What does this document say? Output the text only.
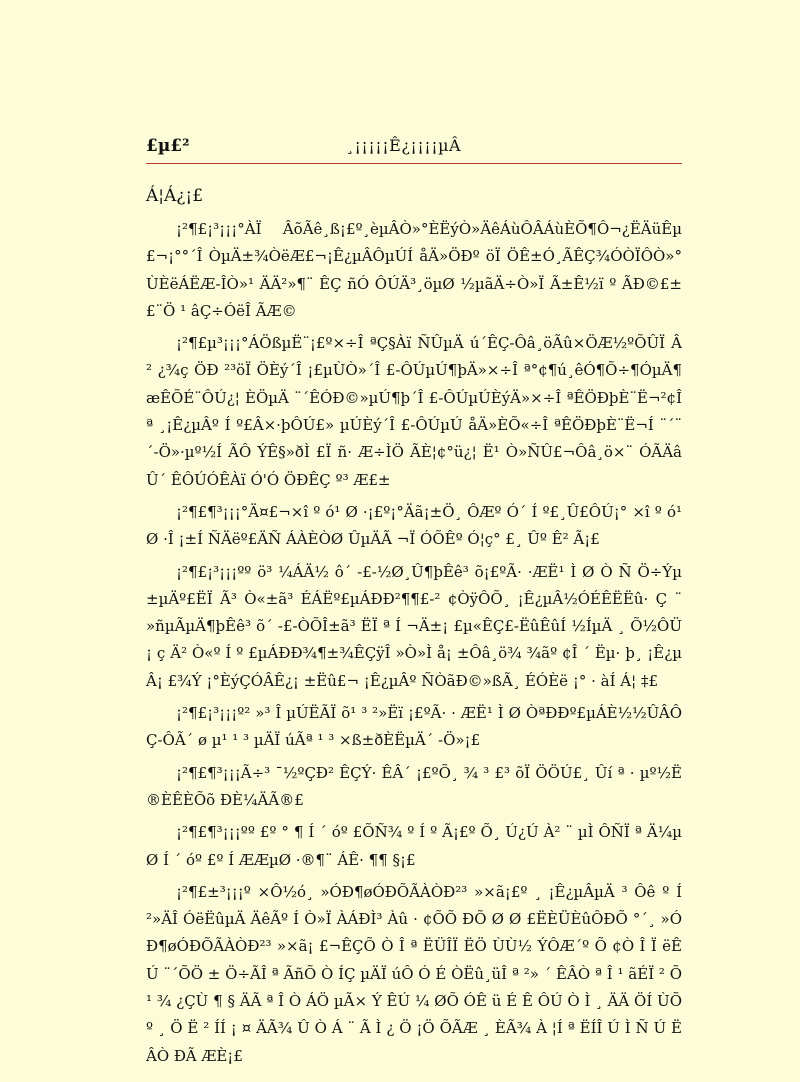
£µ£²	¸¡¡¡¡¡Ê¿¡¡¡¡µÂ
Á¦Á¿¡£

¡²¶£¡³¡¡¡°ÀÏ ÂõÃê¸ß¡£º¸èµÂÒ»°ÈËýÒ»ÄêÁùÔÂÁùÈÕ¶Ô¬¿ËÄüÊµ£¬¡°°´Î ÒµÄ±¾ÒëÆ£¬¡Ê¿µÂÔµÚÍ åÄ»ÖÐº öÏ ÖÊ±Ó¸ÃÊÇ¾ÓÒÏÔÒ»°ÙÈëÁËÆ-ÎÒ»¹ ÄÄ²»¶¨ ÊÇ ñÓ ÔÚÄ³¸öµØ ½µãÄ÷Ò»Ï Ã±Ê½ï º ÃÐ©£±£¨Ö ¹ âÇ÷ÓëÎ ÃÆ©

¡²¶£µ³¡¡¡°ÁÖßµË¨¡£º×÷Î ªÇ§Àï ÑÛµÄ ú´ÊÇ-Ôâ¸öÃû×ÖÆ½ºÕÛÏ Â² ¿¾ç ÖÐ ²³öÏ ÖÈý´Î ¡£µÙÒ»´Î £-ÔÚµÚ¶þÄ»×÷Î ª°¢¶ú¸êÓ¶Õ÷¶ÓµÄ¶æÊÕÉ¨ÔÚ¿¦ ÈÖµÄ ¨´ÊÓÐ©»µÚ¶þ´Î £-ÔÚµÚÈýÄ»×÷Î ªÊÖÐþÈ¨Ë¬²¢Î ª ¸¡Ê¿µÂº Í º£Â×·þÔÚ£» µÚÈý´Î £-ÔÚµÚ åÄ»ÈÕ«÷Î ªÊÖÐþÈ¨Ë¬Í ¨´¨´-Ö»·µº½Í ÃÔ ÝÊ§»ðÌ £Ï ñ· Æ÷ÌÖ ÃÈ¦¢°ü¿¦ Ë¹ Ò»ÑÛ£¬Ôâ¸ö×¨ ÓÃÄâÛ´ ÊÔÚÓÊÀï Ó'Ó ÖÐÊÇ º³ Æ£±

¡²¶£¶³¡¡¡°Ä¤£¬×î º ó¹ Ø ·¡£º¡°Äã¡±Ö¸ ÔÆº Ó´ Í º£¸Û£ÔÚ¡° ×î º ó¹ Ø ·Î ¡±Í ÑÄëº£ÄÑ ÁÀÈÒØ ÛµÄÃ ¬Ï ÓÕÊº Ó¦ç° £¸ Ûº Ê² Ã¡£

¡²¶£¡³¡¡¡ºº ö³ ¼ÁÄ½ ô´ -£-½Ø¸Û¶þÊê³ õ¡£ºÃ· ·ÆË¹ Ì Ø Ò Ñ Ö÷Ýµ±µÄº£ËÏ Ã³ Ò«±ã³ ÉÁËº£µÁÐÐ²¶¶£-² ¢ÒÿÔÕ¸ ¡Ê¿µÂ½ÓÉÊËËû· Ç ¨ »ñµÃµÄ¶þÊê³ õ´ -£-ÒÕÎ±ã³ ËÏ ª Í ¬Ä±¡ £µ«ÊÇ£-ËûÊûÍ ½ÍµÄ ¸ Õ½ÔÜ¡ ç Ä² Ò«º Í º £µÁÐÐ¾¶±¾ÊÇÿÎ »Ò»Ì å¡ ±Ôâ¸ö¾ ¾ãº ¢Î ´ Ëµ· þ¸ ¡Ê¿µÂ¡ £¾Ý ¡°ÈýÇÓÂÊ¿¡ ±Ëû£¬ ¡Ê¿µÂº ÑÒãÐ©»ßÃ¸ ÉÓÈë ¡° · àÍ Á¦ ‡£

¡²¶£¡³¡¡¡º² »³ Î µÚËÃÏ õ¹ ³ ²»Ëï ¡£ºÃ· · ÆË¹ Ì Ø ÒªÐÐº£µÁÈ½½ÛÂÔÇ-ÔÃ´ ø µ¹ ¹ ³ µÄÏ úÃª ¹ ³ ×ß±ðÈËµÄ´ -Ö»¡£

¡²¶£¶³¡¡¡Ã÷³ ¯½ºÇÐ² ÊÇÝ· ÊÂ´ ¡£ºÕ¸ ¾ ³ £³ õÏ ÖÖÚ£¸ Ûí ª · µº½Ë®ÈÊÈÕõ ÐÈ¼ÄÃ®£

¡²¶£¶³¡¡¡ºº £º ° ¶ Í ´ óº £ÕÑ¾ º Í º Ã¡£º Õ¸ Ú¿Ú À² ¨ µÌ ÔÑÏ ª Ä¼µØ Í ´ óº £º Í ÆÆµØ ·®¶¨ ÁÊ· ¶¶ §¡£

¡²¶£±³¡¡¡º ×Ô½ó¸ »ÓÐ¶øÓÐÕÃÀÒÐ²³ »×ã¡£º ¸ ¡Ê¿µÂµÄ ³ Ôê º Í ²»ÄÎ ÓëËûµÄ ÄêÃº Í Ò»Ï ÀÁÐÌ³ Àû · ¢ÕÕ ÐÕ Ø Ø £ËÈÜÈûÔÐÕ °´¸ »ÓÐ¶øÓÐÕÃÀÒÐ²³ »×ã¡ £¬ÊÇÕ Ò Î ª ËÜÎÏ ËÖ ÙÙ½ ÝÔÆ´º Õ ¢Ò Î Ï ëÊ Ú ¨´ÕÖ ± Ö÷ÃÎ ª ÃñÕ Ò ÍÇ µÄÏ úÔ Ó É ÒËû¸üÎ ª ²» ´ ÊÂÒ ª Î ¹ ãÉÏ ² Õ ¹ ¾ ¿ÇÙ ¶ § ÄÃ ª Î Ò ÁÖ µÃ× Ý ÊÚ ¼ ØÕ ÓÊ ü É Ê ÔÚ Ò Ì ¸ ÄÄ ÖÍ ÙÕ º ¸ Ö Ë ² ÍÍ ¡ ¤ ÄÃ¾ Û Ò Á ¨ Ã Ì ¿ Ö ¡Ö ÕÃÆ ¸ ÈÃ¾ À ¦Í ª ËÍÎ Ú Ì Ñ Ú ËÂÒ ÐÃ ÆÈ¡£
